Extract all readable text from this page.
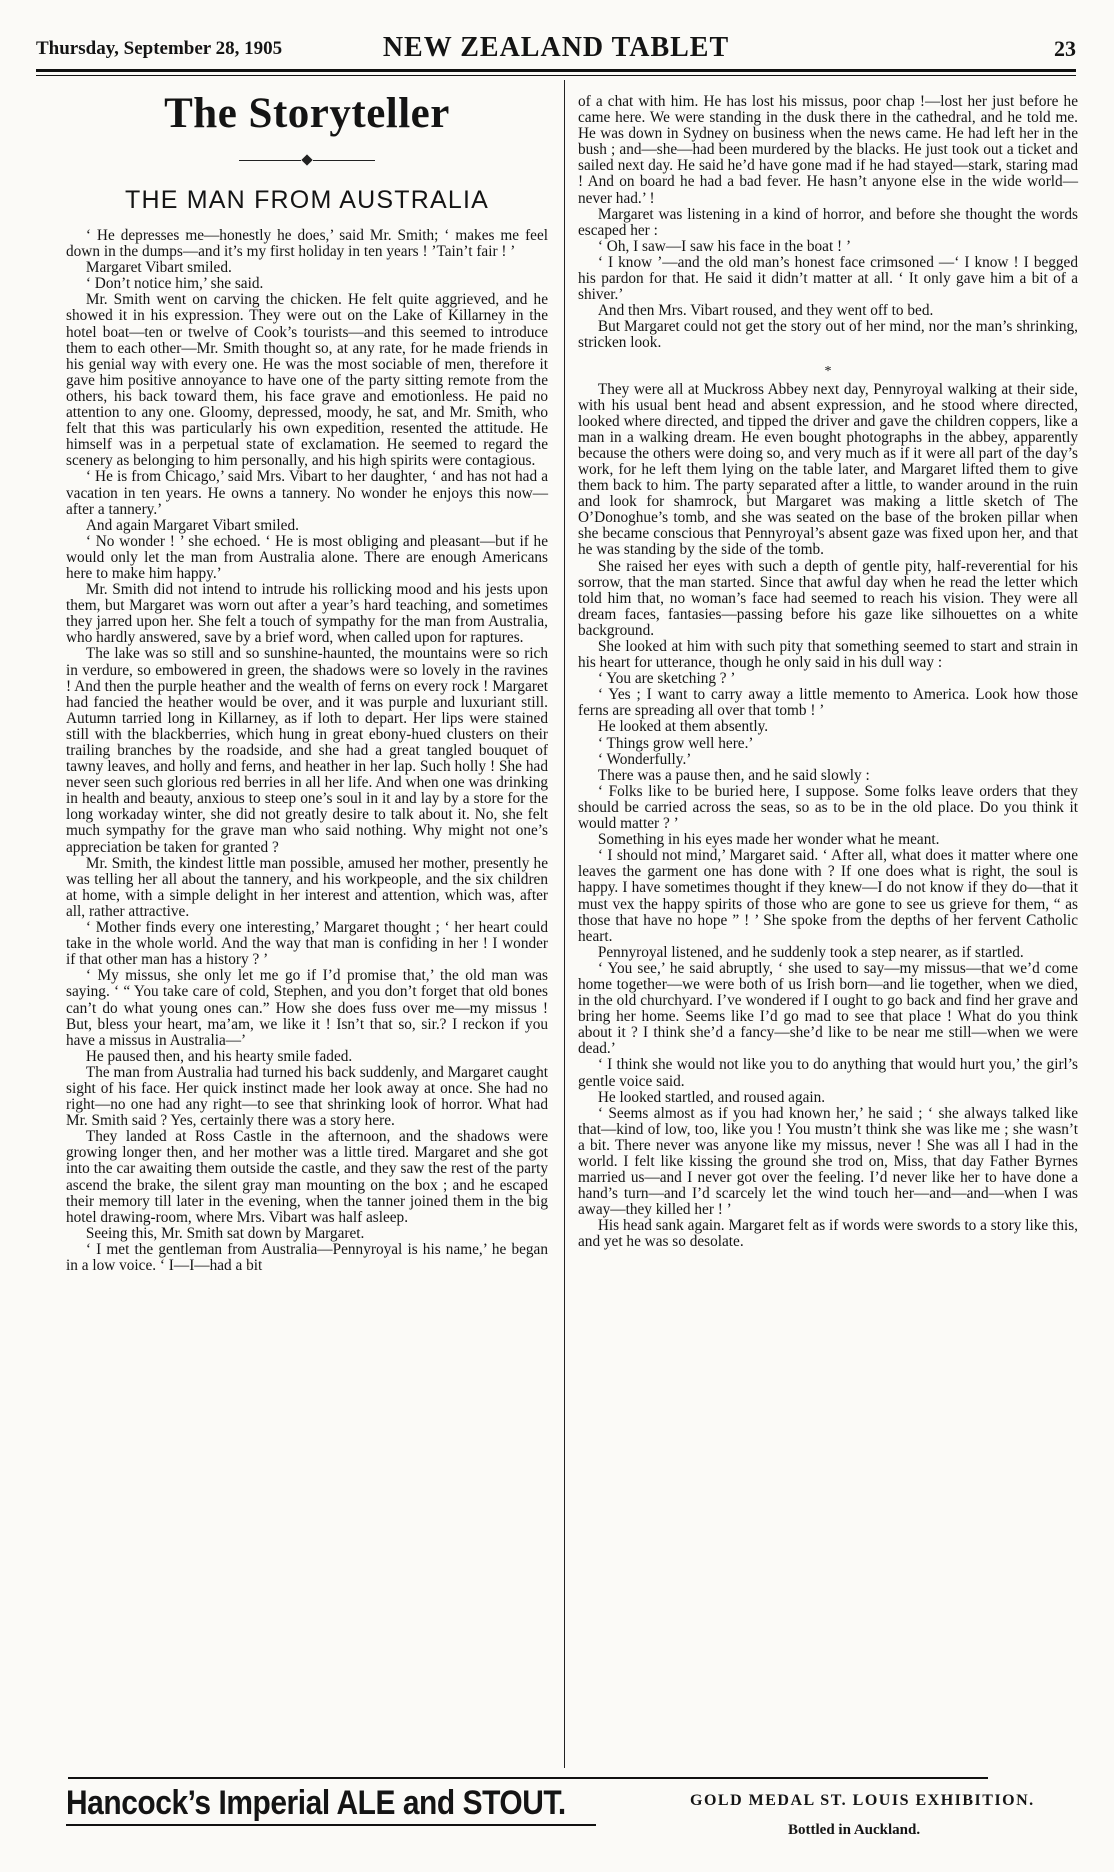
Thursday, September 28, 1905	NEW ZEALAND TABLET	23
The Storyteller
THE MAN FROM AUSTRALIA

‘ He depresses me—honestly he does,’ said Mr. Smith; ‘ makes me feel down in the dumps—and it’s my first holiday in ten years ! ’Tain’t fair ! ’

Margaret Vibart smiled.

‘ Don’t notice him,’ she said.

Mr. Smith went on carving the chicken. He felt quite aggrieved, and he showed it in his expression. They were out on the Lake of Killarney in the hotel boat—ten or twelve of Cook’s tourists—and this seemed to introduce them to each other—Mr. Smith thought so, at any rate, for he made friends in his genial way with every one. He was the most sociable of men, therefore it gave him positive annoyance to have one of the party sitting remote from the others, his back toward them, his face grave and emotionless. He paid no attention to any one. Gloomy, depressed, moody, he sat, and Mr. Smith, who felt that this was particularly his own expedition, resented the attitude. He himself was in a perpetual state of exclamation. He seemed to regard the scenery as belonging to him personally, and his high spirits were contagious.

‘ He is from Chicago,’ said Mrs. Vibart to her daughter, ‘ and has not had a vacation in ten years. He owns a tannery. No wonder he enjoys this now—after a tannery.’

And again Margaret Vibart smiled.

‘ No wonder ! ’ she echoed. ‘ He is most obliging and pleasant—but if he would only let the man from Australia alone. There are enough Americans here to make him happy.’

Mr. Smith did not intend to intrude his rollicking mood and his jests upon them, but Margaret was worn out after a year’s hard teaching, and sometimes they jarred upon her. She felt a touch of sympathy for the man from Australia, who hardly answered, save by a brief word, when called upon for raptures.

The lake was so still and so sunshine-haunted, the mountains were so rich in verdure, so embowered in green, the shadows were so lovely in the ravines ! And then the purple heather and the wealth of ferns on every rock ! Margaret had fancied the heather would be over, and it was purple and luxuriant still. Autumn tarried long in Killarney, as if loth to depart. Her lips were stained still with the blackberries, which hung in great ebony-hued clusters on their trailing branches by the roadside, and she had a great tangled bouquet of tawny leaves, and holly and ferns, and heather in her lap. Such holly ! She had never seen such glorious red berries in all her life. And when one was drinking in health and beauty, anxious to steep one’s soul in it and lay by a store for the long workaday winter, she did not greatly desire to talk about it. No, she felt much sympathy for the grave man who said nothing. Why might not one’s appreciation be taken for granted ?

Mr. Smith, the kindest little man possible, amused her mother, presently he was telling her all about the tannery, and his workpeople, and the six children at home, with a simple delight in her interest and attention, which was, after all, rather attractive.

‘ Mother finds every one interesting,’ Margaret thought ; ‘ her heart could take in the whole world. And the way that man is confiding in her ! I wonder if that other man has a history ? ’

‘ My missus, she only let me go if I’d promise that,’ the old man was saying. ‘ “ You take care of cold, Stephen, and you don’t forget that old bones can’t do what young ones can.” How she does fuss over me—my missus ! But, bless your heart, ma’am, we like it ! Isn’t that so, sir.? I reckon if you have a missus in Australia—’

He paused then, and his hearty smile faded.

The man from Australia had turned his back suddenly, and Margaret caught sight of his face. Her quick instinct made her look away at once. She had no right—no one had any right—to see that shrinking look of horror. What had Mr. Smith said ? Yes, certainly there was a story here.

They landed at Ross Castle in the afternoon, and the shadows were growing longer then, and her mother was a little tired. Margaret and she got into the car awaiting them outside the castle, and they saw the rest of the party ascend the brake, the silent gray man mounting on the box ; and he escaped their memory till later in the evening, when the tanner joined them in the big hotel drawing-room, where Mrs. Vibart was half asleep.

Seeing this, Mr. Smith sat down by Margaret.

‘ I met the gentleman from Australia—Pennyroyal is his name,’ he began in a low voice. ‘ I—I—had a bit

of a chat with him. He has lost his missus, poor chap !—lost her just before he came here. We were standing in the dusk there in the cathedral, and he told me. He was down in Sydney on business when the news came. He had left her in the bush ; and—she—had been murdered by the blacks. He just took out a ticket and sailed next day. He said he’d have gone mad if he had stayed—stark, staring mad ! And on board he had a bad fever. He hasn’t anyone else in the wide world—never had.’ !

Margaret was listening in a kind of horror, and before she thought the words escaped her :

‘ Oh, I saw—I saw his face in the boat ! ’

‘ I know ’—and the old man’s honest face crimsoned —‘ I know ! I begged his pardon for that. He said it didn’t matter at all. ‘ It only gave him a bit of a shiver.’

And then Mrs. Vibart roused, and they went off to bed.

But Margaret could not get the story out of her mind, nor the man’s shrinking, stricken look.

*

They were all at Muckross Abbey next day, Pennyroyal walking at their side, with his usual bent head and absent expression, and he stood where directed, looked where directed, and tipped the driver and gave the children coppers, like a man in a walking dream. He even bought photographs in the abbey, apparently because the others were doing so, and very much as if it were all part of the day’s work, for he left them lying on the table later, and Margaret lifted them to give them back to him. The party separated after a little, to wander around in the ruin and look for shamrock, but Margaret was making a little sketch of The O’Donoghue’s tomb, and she was seated on the base of the broken pillar when she became conscious that Pennyroyal’s absent gaze was fixed upon her, and that he was standing by the side of the tomb.

She raised her eyes with such a depth of gentle pity, half-reverential for his sorrow, that the man started. Since that awful day when he read the letter which told him that, no woman’s face had seemed to reach his vision. They were all dream faces, fantasies—passing before his gaze like silhouettes on a white background.

She looked at him with such pity that something seemed to start and strain in his heart for utterance, though he only said in his dull way :

‘ You are sketching ? ’

‘ Yes ; I want to carry away a little memento to America. Look how those ferns are spreading all over that tomb ! ’

He looked at them absently.

‘ Things grow well here.’

‘ Wonderfully.’

There was a pause then, and he said slowly :

‘ Folks like to be buried here, I suppose. Some folks leave orders that they should be carried across the seas, so as to be in the old place. Do you think it would matter ? ’

Something in his eyes made her wonder what he meant.

‘ I should not mind,’ Margaret said. ‘ After all, what does it matter where one leaves the garment one has done with ? If one does what is right, the soul is happy. I have sometimes thought if they knew—I do not know if they do—that it must vex the happy spirits of those who are gone to see us grieve for them, “ as those that have no hope ” ! ’ She spoke from the depths of her fervent Catholic heart.

Pennyroyal listened, and he suddenly took a step nearer, as if startled.

‘ You see,’ he said abruptly, ‘ she used to say—my missus—that we’d come home together—we were both of us Irish born—and lie together, when we died, in the old churchyard. I’ve wondered if I ought to go back and find her grave and bring her home. Seems like I’d go mad to see that place ! What do you think about it ? I think she’d a fancy—she’d like to be near me still—when we were dead.’

‘ I think she would not like you to do anything that would hurt you,’ the girl’s gentle voice said.

He looked startled, and roused again.

‘ Seems almost as if you had known her,’ he said ; ‘ she always talked like that—kind of low, too, like you ! You mustn’t think she was like me ; she wasn’t a bit. There never was anyone like my missus, never ! She was all I had in the world. I felt like kissing the ground she trod on, Miss, that day Father Byrnes married us—and I never got over the feeling. I’d never like her to have done a hand’s turn—and I’d scarcely let the wind touch her—and—and—when I was away—they killed her ! ’

His head sank again. Margaret felt as if words were swords to a story like this, and yet he was so desolate.

Hancock’s Imperial ALE and STOUT.	GOLD MEDAL ST. LOUIS EXHIBITION.
Bottled in Auckland.
